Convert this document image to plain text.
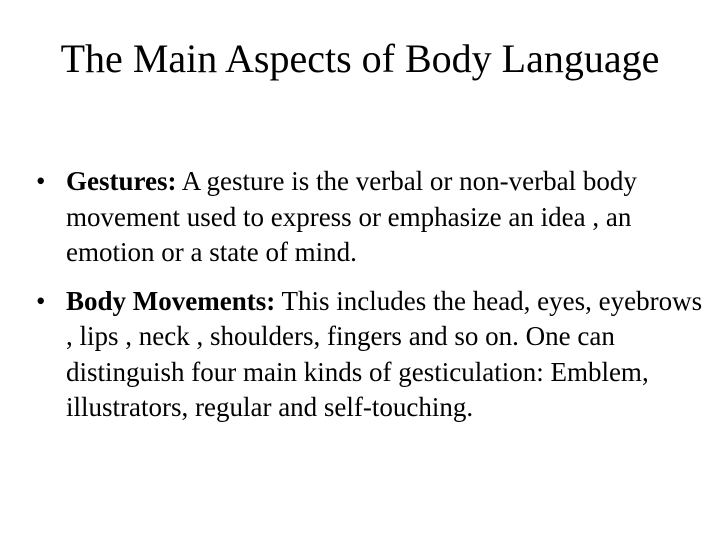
The Main Aspects of Body Language
• Gestures: A gesture is the verbal or non-verbal body movement used to express or emphasize an idea , an emotion or a state of mind.
• Body Movements: This includes the head, eyes, eyebrows , lips , neck , shoulders, fingers and so on. One can distinguish four main kinds of gesticulation: Emblem, illustrators, regular and self-touching.
